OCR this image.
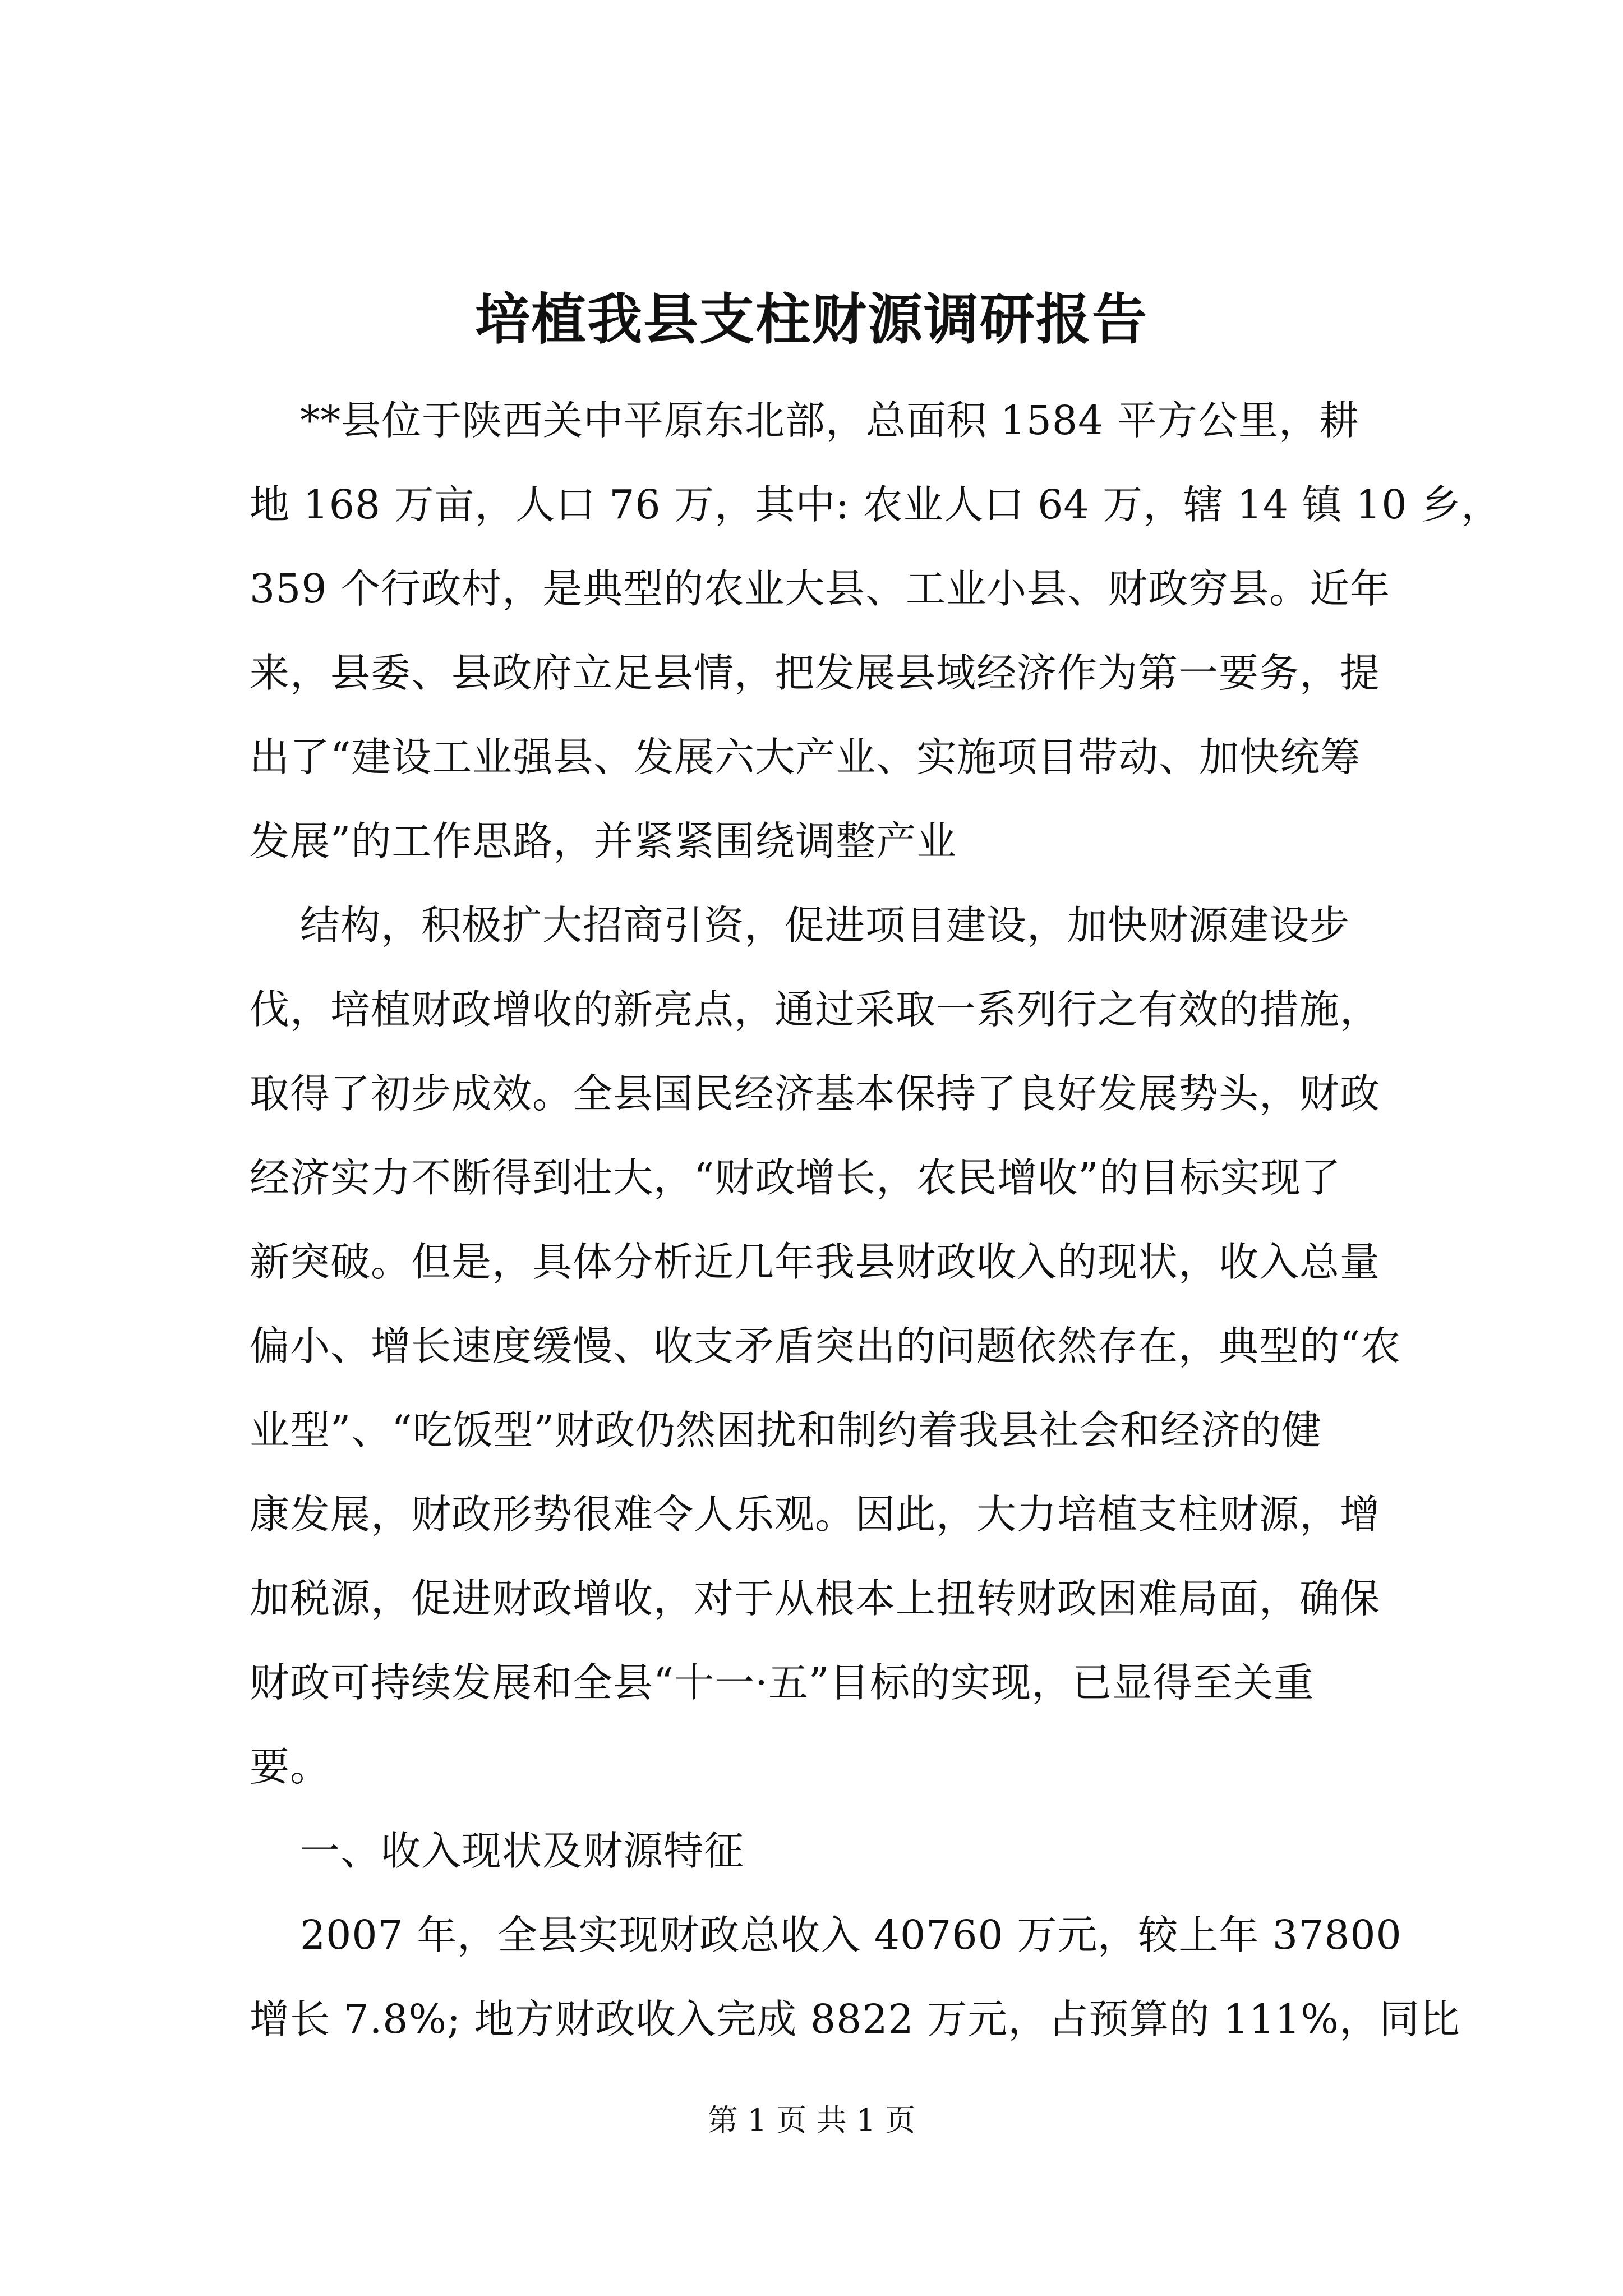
培植我县支柱财源调研报告
**县位于陕西关中平原东北部，总面积 1584 平方公里，耕
地 168 万亩，人口 76 万，其中: 农业人口 64 万，辖 14 镇 10 乡，
359 个行政村，是典型的农业大县、工业小县、财政穷县。近年
来，县委、县政府立足县情，把发展县域经济作为第一要务，提
出了“建设工业强县、发展六大产业、实施项目带动、加快统筹
发展”的工作思路，并紧紧围绕调整产业
结构，积极扩大招商引资，促进项目建设，加快财源建设步
伐，培植财政增收的新亮点，通过采取一系列行之有效的措施，
取得了初步成效。全县国民经济基本保持了良好发展势头，财政
经济实力不断得到壮大，“财政增长，农民增收”的目标实现了
新突破。但是，具体分析近几年我县财政收入的现状，收入总量
偏小、增长速度缓慢、收支矛盾突出的问题依然存在，典型的“农
业型”、“吃饭型”财政仍然困扰和制约着我县社会和经济的健
康发展，财政形势很难令人乐观。因此，大力培植支柱财源，增
加税源，促进财政增收，对于从根本上扭转财政困难局面，确保
财政可持续发展和全县“十一·五”目标的实现，已显得至关重
要。
一、收入现状及财源特征
2007 年，全县实现财政总收入 40760 万元，较上年 37800
增长 7.8%; 地方财政收入完成 8822 万元，占预算的 111%，同比
第 1 页 共 1 页
